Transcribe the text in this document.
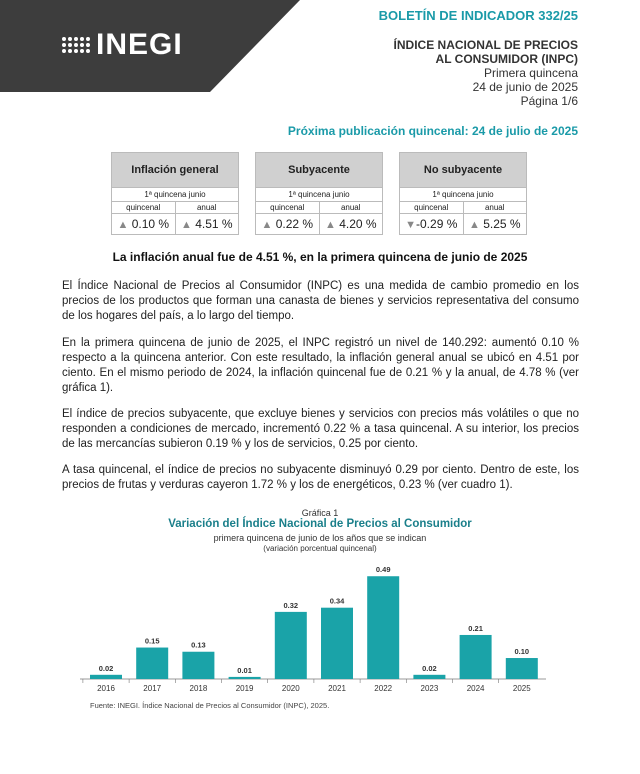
INEGI
BOLETÍN DE INDICADOR 332/25
ÍNDICE NACIONAL DE PRECIOS
AL CONSUMIDOR (INPC)
Primera quincena
24 de junio de 2025
Página 1/6
Próxima publicación quincenal: 24 de julio de 2025
Inflación general
1ª quincena junio
quincenal	anual
▲ 0.10 %	▲ 4.51 %
Subyacente
1ª quincena junio
quincenal	anual
▲ 0.22 %	▲ 4.20 %
No subyacente
1ª quincena junio
quincenal	anual
▼-0.29 %	▲ 5.25 %
La inflación anual fue de 4.51 %, en la primera quincena de junio de 2025

El Índice Nacional de Precios al Consumidor (INPC) es una medida de cambio promedio en los precios de los productos que forman una canasta de bienes y servicios representativa del consumo de los hogares del país, a lo largo del tiempo.

En la primera quincena de junio de 2025, el INPC registró un nivel de 140.292: aumentó 0.10 % respecto a la quincena anterior. Con este resultado, la inflación general anual se ubicó en 4.51 por ciento. En el mismo periodo de 2024, la inflación quincenal fue de 0.21 % y la anual, de 4.78 % (ver gráfica 1).

El índice de precios subyacente, que excluye bienes y servicios con precios más volátiles o que no responden a condiciones de mercado, incrementó 0.22 % a tasa quincenal. A su interior, los precios de las mercancías subieron 0.19 % y los de servicios, 0.25 por ciento.

A tasa quincenal, el índice de precios no subyacente disminuyó 0.29 por ciento. Dentro de este, los precios de frutas y verduras cayeron 1.72 % y los de energéticos, 0.23 % (ver cuadro 1).

Gráfica 1
Variación del Índice Nacional de Precios al Consumidor
primera quincena de junio de los años que se indican
(variación porcentual quincenal)
0.02
2016
0.15
2017
0.13
2018
0.01
2019
0.32
2020
0.34
2021
0.49
2022
0.02
2023
0.21
2024
0.10
2025
Fuente: INEGI. Índice Nacional de Precios al Consumidor (INPC), 2025.
